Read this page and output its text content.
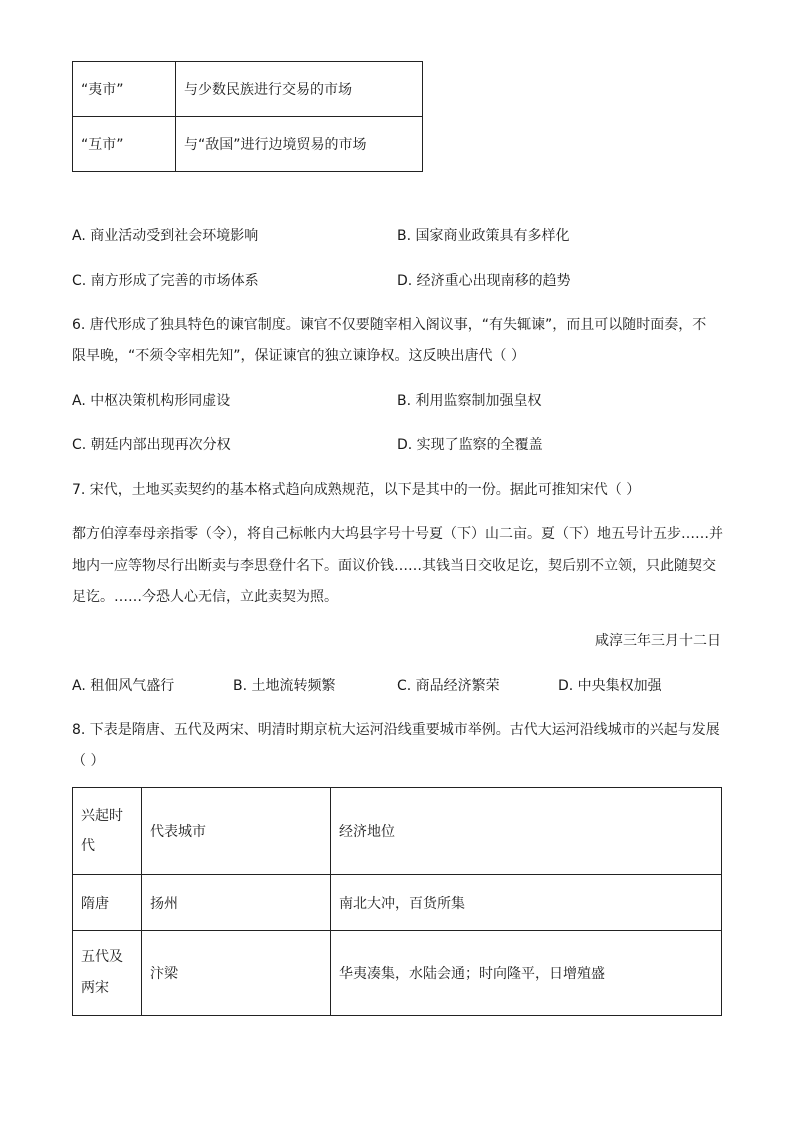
“夷市”	与少数民族进行交易的市场
“互市”	与“敌国”进行边境贸易的市场
A. 商业活动受到社会环境影响	B. 国家商业政策具有多样化
C. 南方形成了完善的市场体系	D. 经济重心出现南移的趋势
6. 唐代形成了独具特色的谏官制度。谏官不仅要随宰相入阁议事，“有失辄谏”，而且可以随时面奏，不
限早晚，“不须令宰相先知”，保证谏官的独立谏诤权。这反映出唐代（ ）
A. 中枢决策机构形同虚设	B. 利用监察制加强皇权
C. 朝廷内部出现再次分权	D. 实现了监察的全覆盖
7. 宋代，土地买卖契约的基本格式趋向成熟规范，以下是其中的一份。据此可推知宋代（ ）
都方伯淳奉母亲指零（令），将自己标帐内大坞县字号十号夏（下）山二亩。夏（下）地五号计五步……并
地内一应等物尽行出断卖与李思登什名下。面议价钱……其钱当日交收足讫，契后别不立领，只此随契交
足讫。……今恐人心无信，立此卖契为照。
咸淳三年三月十二日
A. 租佃风气盛行	B. 土地流转频繁	C. 商品经济繁荣	D. 中央集权加强
8. 下表是隋唐、五代及两宋、明清时期京杭大运河沿线重要城市举例。古代大运河沿线城市的兴起与发展
（ ）
兴起时
代	代表城市	经济地位
隋唐	扬州	南北大冲，百货所集

五代及
两宋	汴梁	华夷凑集，水陆会通；时向隆平，日增殖盛
